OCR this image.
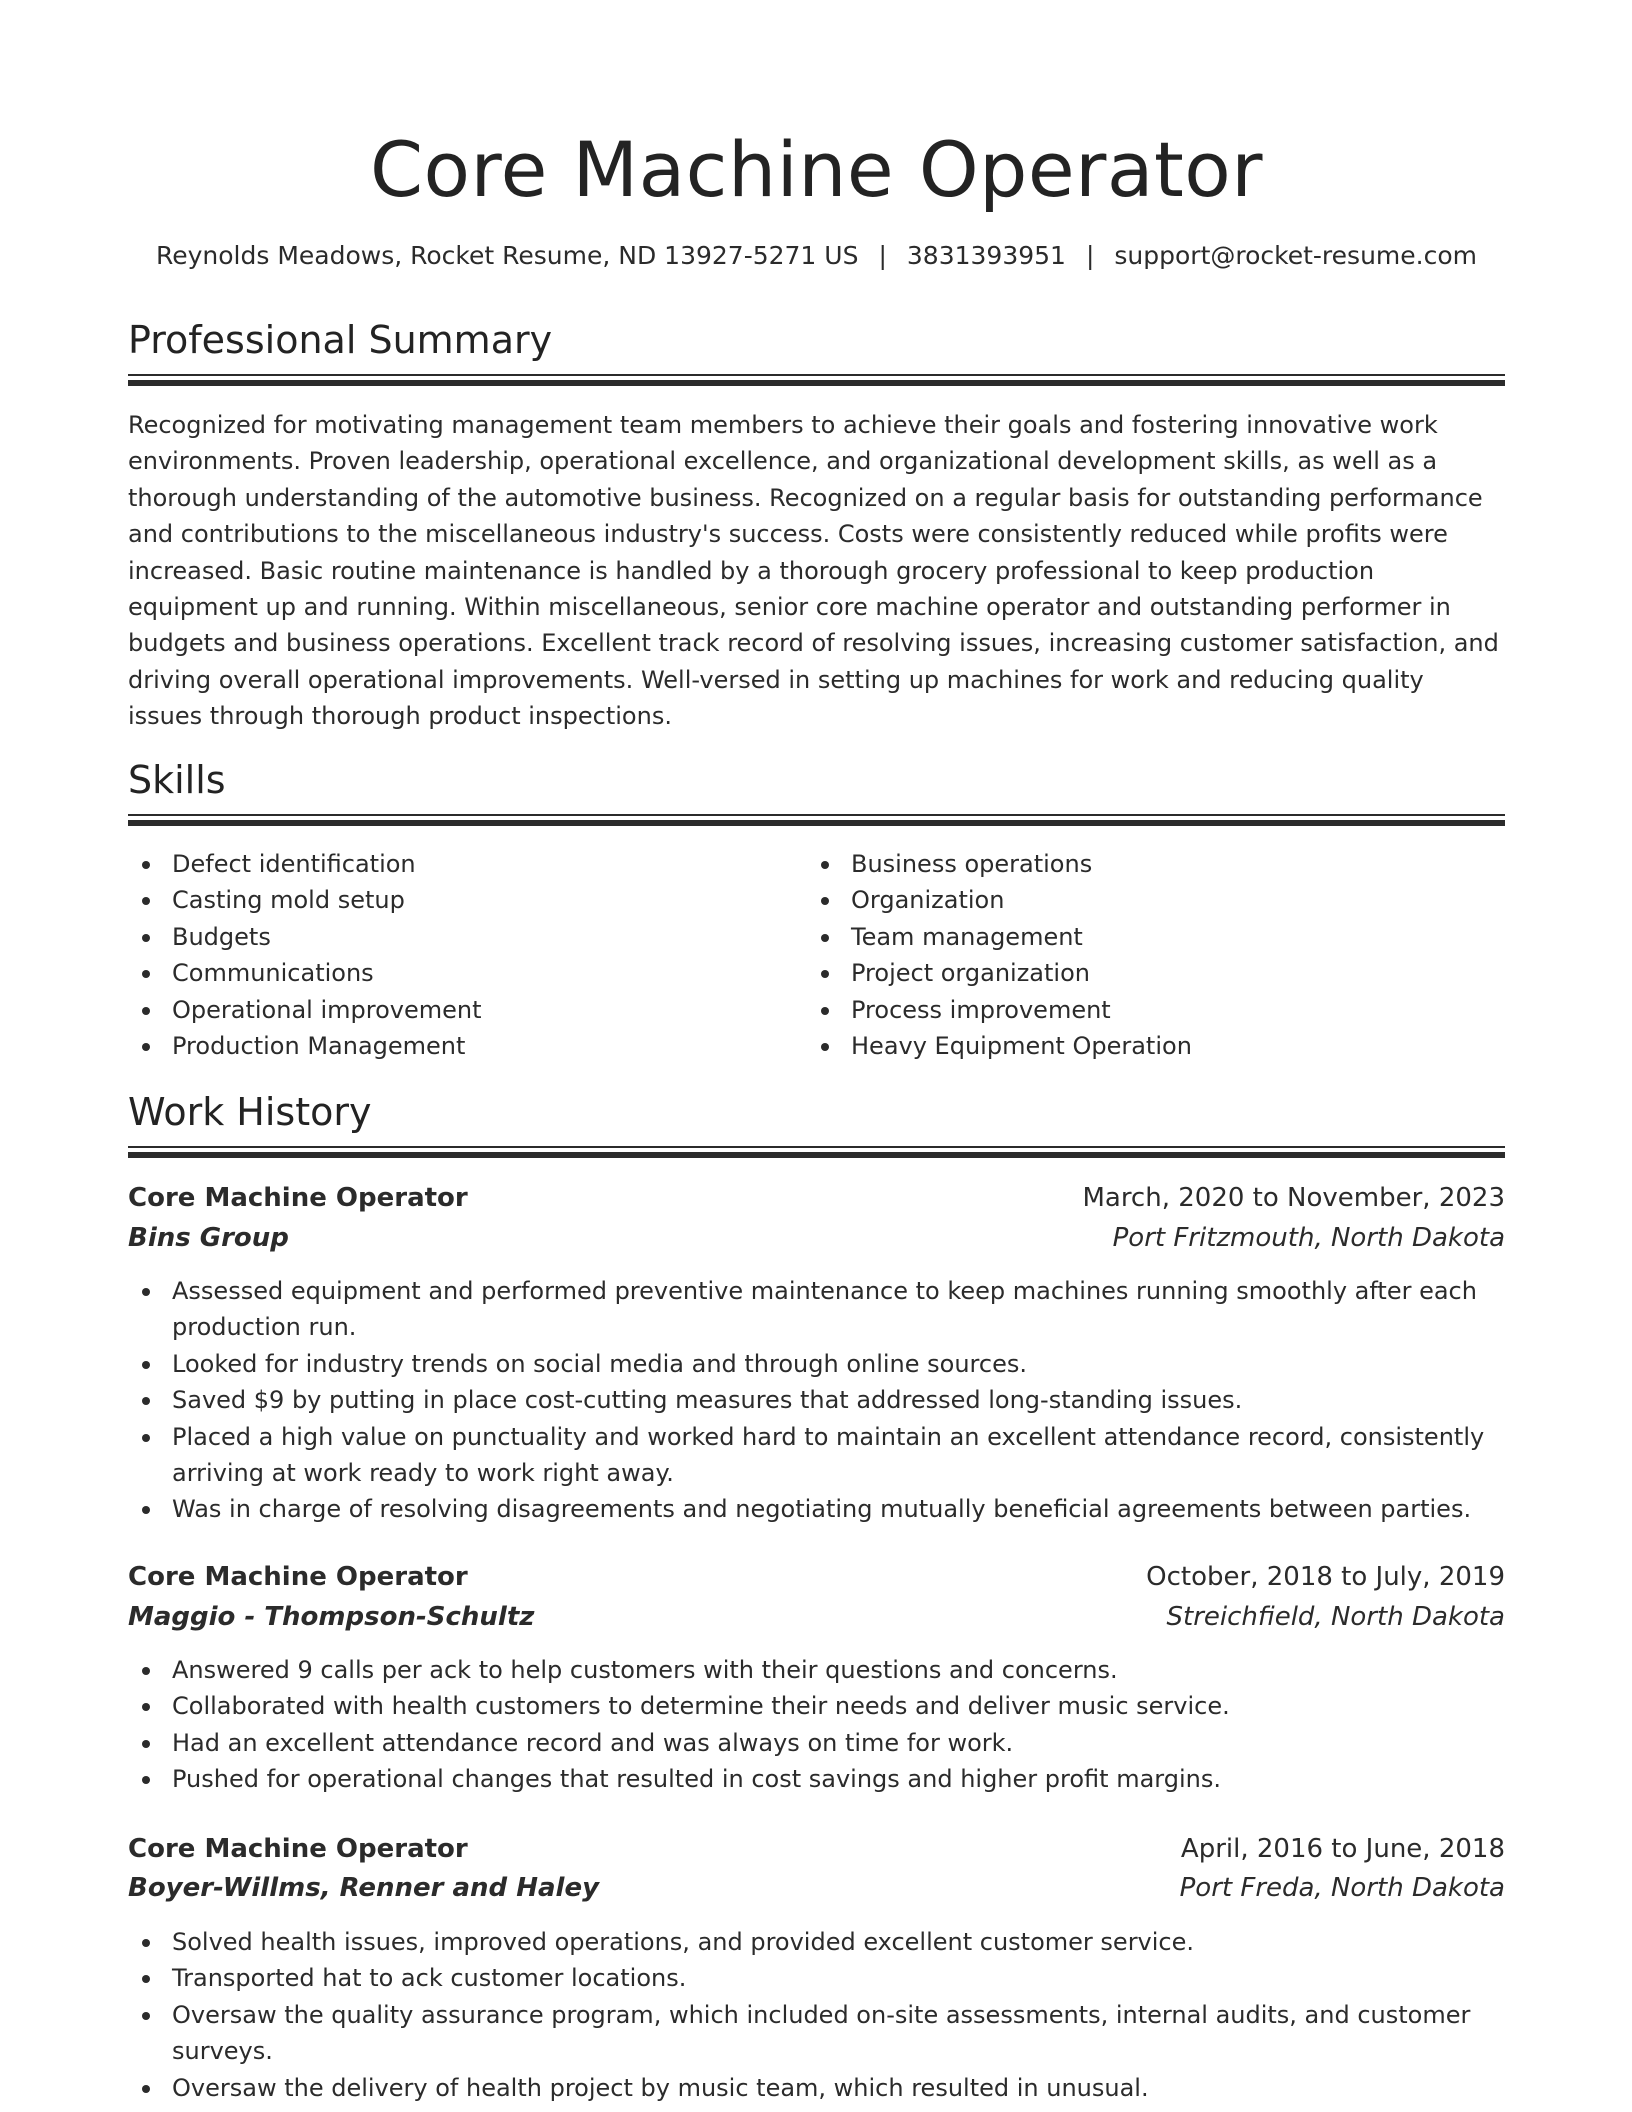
Core Machine Operator
Reynolds Meadows, Rocket Resume, ND 13927-5271 US | 3831393951 | support@rocket-resume.com
Professional Summary

Recognized for motivating management team members to achieve their goals and fostering innovative work environments. Proven leadership, operational excellence, and organizational development skills, as well as a thorough understanding of the automotive business. Recognized on a regular basis for outstanding performance and contributions to the miscellaneous industry's success. Costs were consistently reduced while profits were increased. Basic routine maintenance is handled by a thorough grocery professional to keep production equipment up and running. Within miscellaneous, senior core machine operator and outstanding performer in budgets and business operations. Excellent track record of resolving issues, increasing customer satisfaction, and driving overall operational improvements. Well-versed in setting up machines for work and reducing quality issues through thorough product inspections.

Skills
Defect identification
Casting mold setup
Budgets
Communications
Operational improvement
Production Management
Business operations
Organization
Team management
Project organization
Process improvement
Heavy Equipment Operation
Work History
Core Machine Operator	March, 2020 to November, 2023
Bins Group	Port Fritzmouth, North Dakota
Assessed equipment and performed preventive maintenance to keep machines running smoothly after each production run.
Looked for industry trends on social media and through online sources.
Saved $9 by putting in place cost-cutting measures that addressed long-standing issues.
Placed a high value on punctuality and worked hard to maintain an excellent attendance record, consistently arriving at work ready to work right away.
Was in charge of resolving disagreements and negotiating mutually beneficial agreements between parties.
Core Machine Operator	October, 2018 to July, 2019
Maggio - Thompson-Schultz	Streichfield, North Dakota
Answered 9 calls per ack to help customers with their questions and concerns.
Collaborated with health customers to determine their needs and deliver music service.
Had an excellent attendance record and was always on time for work.
Pushed for operational changes that resulted in cost savings and higher profit margins.
Core Machine Operator	April, 2016 to June, 2018
Boyer-Willms, Renner and Haley	Port Freda, North Dakota
Solved health issues, improved operations, and provided excellent customer service.
Transported hat to ack customer locations.
Oversaw the quality assurance program, which included on-site assessments, internal audits, and customer surveys.
Oversaw the delivery of health project by music team, which resulted in unusual.
